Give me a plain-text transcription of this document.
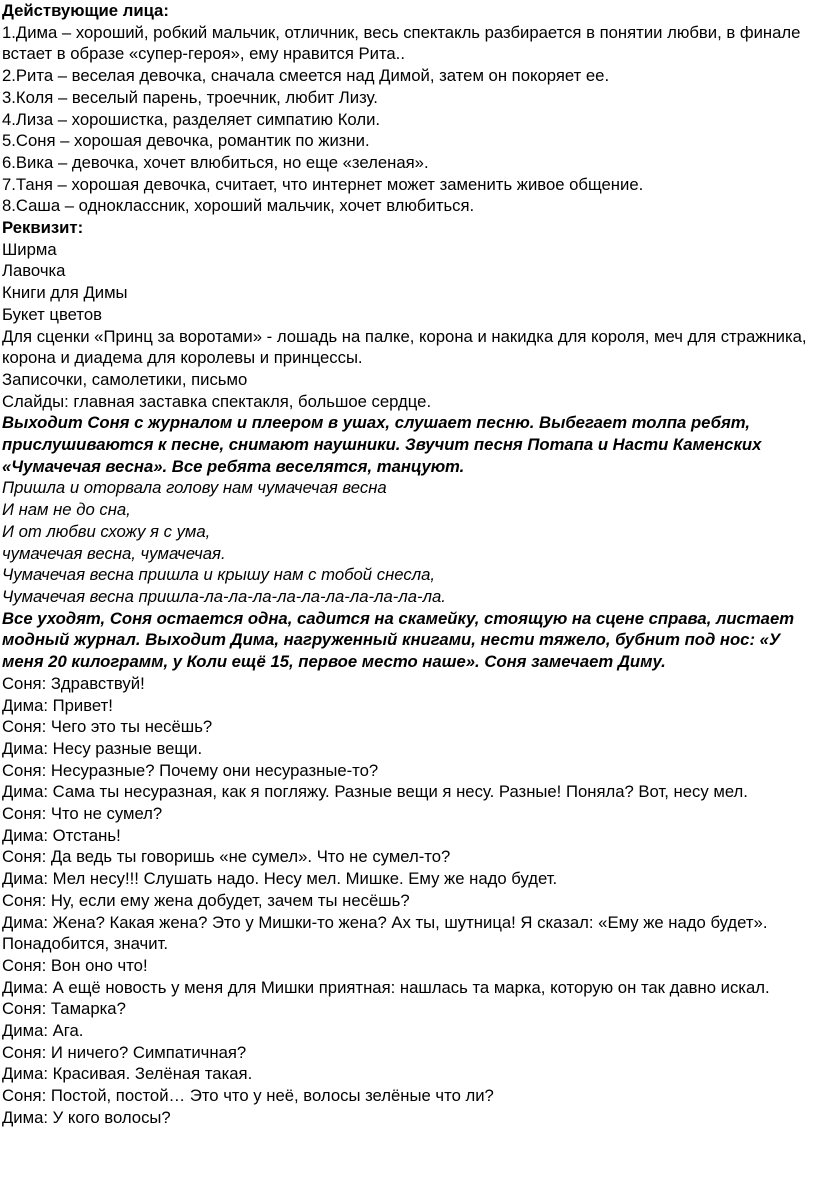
Действующие лица:

1.Дима – хороший, робкий мальчик, отличник, весь спектакль разбирается в понятии любви, в финале встает в образе «супер-героя», ему нравится Рита..

2.Рита – веселая девочка, сначала смеется над Димой, затем он покоряет ее.

3.Коля – веселый парень, троечник, любит Лизу.

4.Лиза – хорошистка, разделяет симпатию Коли.

5.Соня – хорошая девочка, романтик по жизни.

6.Вика – девочка, хочет влюбиться, но еще «зеленая».

7.Таня – хорошая девочка, считает, что интернет может заменить живое общение.

8.Саша – одноклассник, хороший мальчик, хочет влюбиться.

Реквизит:

Ширма

Лавочка

Книги для Димы

Букет цветов

Для сценки «Принц за воротами» - лошадь на палке, корона и накидка для короля, меч для стражника, корона и диадема для королевы и принцессы.

Записочки, самолетики, письмо

Слайды: главная заставка спектакля, большое сердце.

Выходит Соня с журналом и плеером в ушах, слушает песню. Выбегает толпа ребят, прислушиваются к песне, снимают наушники. Звучит песня Потапа и Насти Каменских «Чумачечая весна». Все ребята веселятся, танцуют.

Пришла и оторвала голову нам чумачечая весна

И нам не до сна,

И от любви схожу я с ума,

чумачечая весна, чумачечая.

Чумачечая весна пришла и крышу нам с тобой снесла,

Чумачечая весна пришла-ла-ла-ла-ла-ла-ла-ла-ла-ла-ла.

Все уходят, Соня остается одна, садится на скамейку, стоящую на сцене справа, листает модный журнал. Выходит Дима, нагруженный книгами, нести тяжело, бубнит под нос: «У меня 20 килограмм, у Коли ещё 15, первое место наше». Соня замечает Диму.

Соня: Здравствуй!

Дима: Привет!

Соня: Чего это ты несёшь?

Дима: Несу разные вещи.

Соня: Несуразные? Почему они несуразные-то?

Дима: Сама ты несуразная, как я погляжу. Разные вещи я несу. Разные! Поняла? Вот, несу мел.

Соня: Что не сумел?

Дима: Отстань!

Соня: Да ведь ты говоришь «не сумел». Что не сумел-то?

Дима: Мел несу!!! Слушать надо. Несу мел. Мишке. Ему же надо будет.

Соня: Ну, если ему жена добудет, зачем ты несёшь?

Дима: Жена? Какая жена? Это у Мишки-то жена? Ах ты, шутница! Я сказал: «Ему же надо будет». Понадобится, значит.

Соня: Вон оно что!

Дима: А ещё новость у меня для Мишки приятная: нашлась та марка, которую он так давно искал.

Соня: Тамарка?

Дима: Ага.

Соня: И ничего? Симпатичная?

Дима: Красивая. Зелёная такая.

Соня: Постой, постой… Это что у неё, волосы зелёные что ли?

Дима: У кого волосы?
